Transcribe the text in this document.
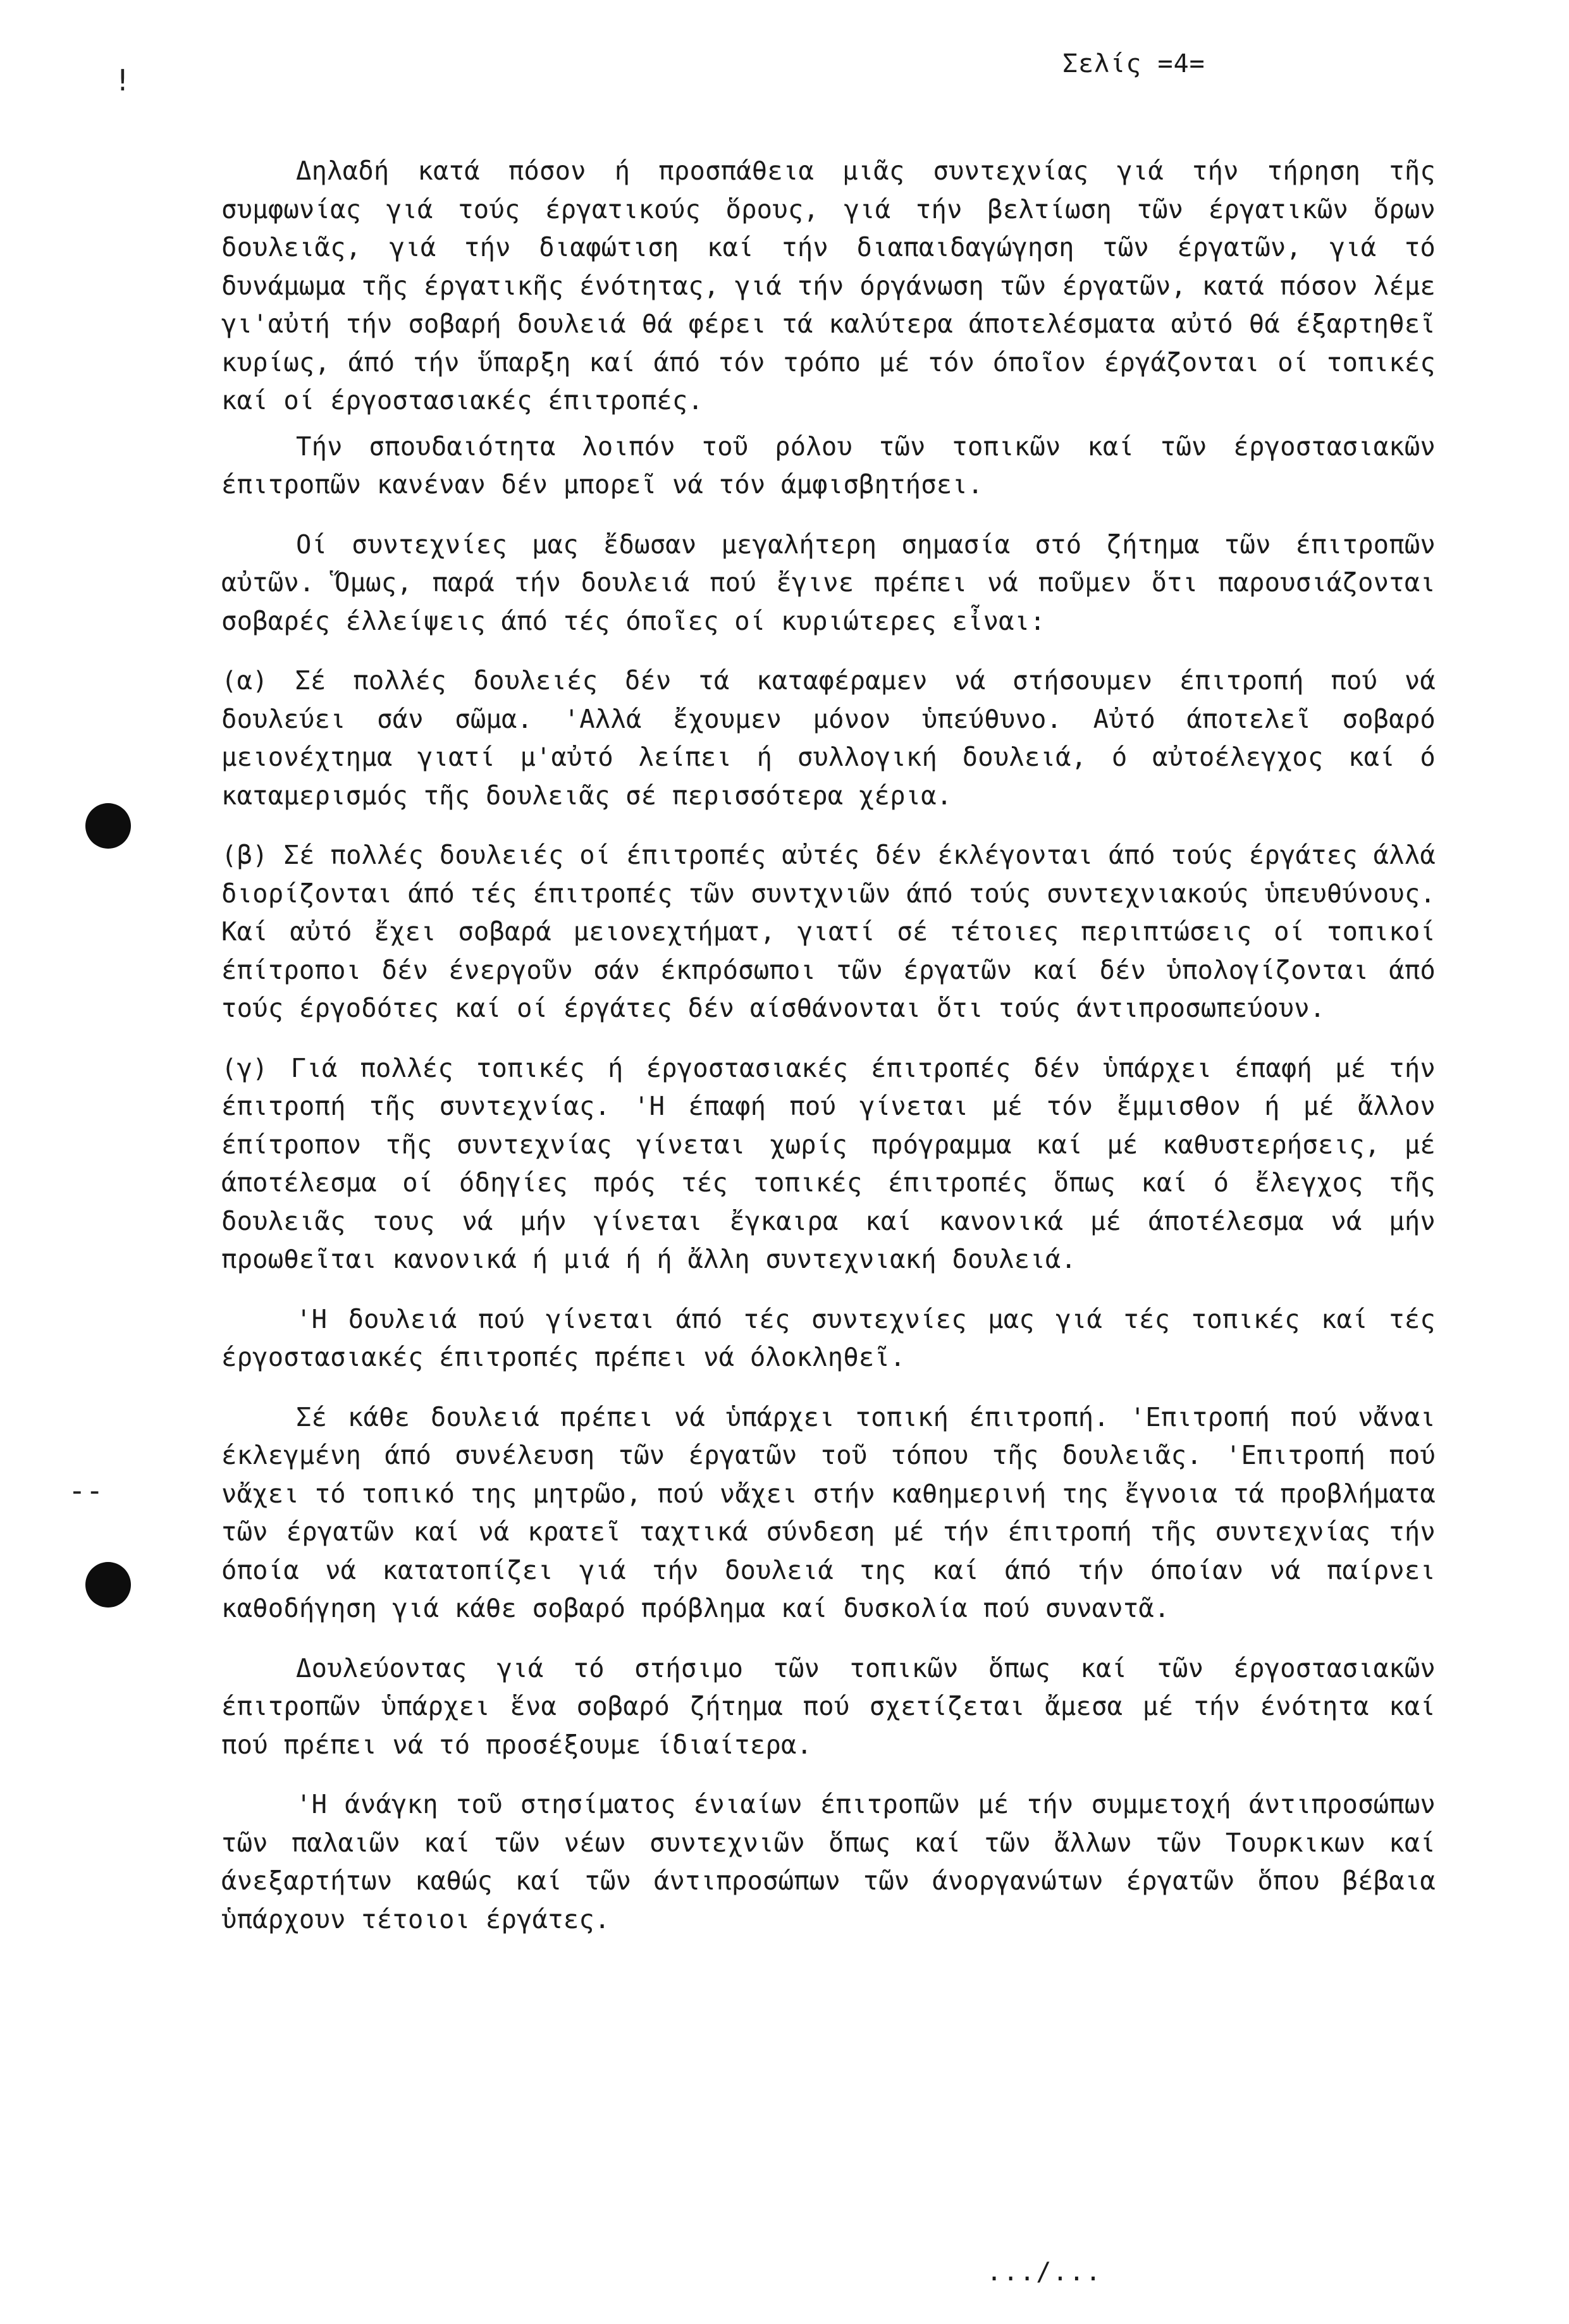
Σελίς =4=
!
--

Δηλαδή κατά πόσον ή προσπάθεια μιᾶς συντεχνίας γιά τήν τήρηση τῆς συμφωνίας γιά τούς έργατικούς ὅρους, γιά τήν βελτίωση τῶν έργατικῶν ὅρων δουλειᾶς, γιά τήν διαφώτιση καί τήν διαπαιδαγώγηση τῶν έργατῶν, γιά τό δυνάμωμα τῆς έργατικῆς ένότητας, γιά τήν όργάνωση τῶν έργατῶν, κατά πόσον λέμε γι'αὐτή τήν σοβαρή δουλειά θά φέρει τά καλύτερα άποτελέσματα αὐτό θά έξαρτηθεῖ κυρίως, άπό τήν ὕπαρξη καί άπό τόν τρόπο μέ τόν όποῖον έργάζονται οί τοπικές καί οί έργοστασιακές έπιτροπές.

Τήν σπουδαιότητα λοιπόν τοῦ ρόλου τῶν τοπικῶν καί τῶν έργοστασιακῶν έπιτροπῶν κανέναν δέν μπορεῖ νά τόν άμφισβητήσει.

Οί συντεχνίες μας ἔδωσαν μεγαλήτερη σημασία στό ζήτημα τῶν έπιτροπῶν αὐτῶν. Ὅμως, παρά τήν δουλειά πού ἔγινε πρέπει νά ποῦμεν ὅτι παρουσιάζονται σοβαρές έλλείψεις άπό τές όποῖες οί κυριώτερες εἶναι:

(α) Σέ πολλές δουλειές δέν τά καταφέραμεν νά στήσουμεν έπιτροπή πού νά δουλεύει σάν σῶμα. 'Αλλά ἔχουμεν μόνον ὑπεύθυνο. Αὐτό άποτελεῖ σοβαρό μειονέχτημα γιατί μ'αὐτό λείπει ή συλλογική δουλειά, ό αὐτοέλεγχος καί ό καταμερισμός τῆς δουλειᾶς σέ περισσότερα χέρια.

(β) Σέ πολλές δουλειές οί έπιτροπές αὐτές δέν έκλέγονται άπό τούς έργάτες άλλά διορίζονται άπό τές έπιτροπές τῶν συντχνιῶν άπό τούς συντεχνιακούς ὑπευθύνους. Καί αὐτό ἔχει σοβαρά μειονεχτήματ, γιατί σέ τέτοιες περιπτώσεις οί τοπικοί έπίτροποι δέν ένεργοῦν σάν έκπρόσωποι τῶν έργατῶν καί δέν ὑπολογίζονται άπό τούς έργοδότες καί οί έργάτες δέν αίσθάνονται ὅτι τούς άντιπροσωπεύουν.

(γ) Γιά πολλές τοπικές ή έργοστασιακές έπιτροπές δέν ὑπάρχει έπαφή μέ τήν έπιτροπή τῆς συντεχνίας. 'Η έπαφή πού γίνεται μέ τόν ἔμμισθον ή μέ ἄλλον έπίτροπον τῆς συντεχνίας γίνεται χωρίς πρόγραμμα καί μέ καθυστερήσεις, μέ άποτέλεσμα οί όδηγίες πρός τές τοπικές έπιτροπές ὅπως καί ό ἔλεγχος τῆς δουλειᾶς τους νά μήν γίνεται ἔγκαιρα καί κανονικά μέ άποτέλεσμα νά μήν προωθεῖται κανονικά ή μιά ή ή ἄλλη συντεχνιακή δουλειά.

'Η δουλειά πού γίνεται άπό τές συντεχνίες μας γιά τές τοπικές καί τές έργοστασιακές έπιτροπές πρέπει νά όλοκληθεῖ.

Σέ κάθε δουλειά πρέπει νά ὑπάρχει τοπική έπιτροπή. 'Επιτροπή πού νἄναι έκλεγμένη άπό συνέλευση τῶν έργατῶν τοῦ τόπου τῆς δουλειᾶς. 'Επιτροπή πού νἄχει τό τοπικό της μητρῶο, πού νἄχει στήν καθημερινή της ἔγνοια τά προβλήματα τῶν έργατῶν καί νά κρατεῖ ταχτικά σύνδεση μέ τήν έπιτροπή τῆς συντεχνίας τήν όποία νά κατατοπίζει γιά τήν δουλειά της καί άπό τήν όποίαν νά παίρνει καθοδήγηση γιά κάθε σοβαρό πρόβλημα καί δυσκολία πού συναντᾶ.

Δουλεύοντας γιά τό στήσιμο τῶν τοπικῶν ὅπως καί τῶν έργοστασιακῶν έπιτροπῶν ὑπάρχει ἕνα σοβαρό ζήτημα πού σχετίζεται ἄμεσα μέ τήν ένότητα καί πού πρέπει νά τό προσέξουμε ίδιαίτερα.

'Η άνάγκη τοῦ στησίματος ένιαίων έπιτροπῶν μέ τήν συμμετοχή άντιπροσώπων τῶν παλαιῶν καί τῶν νέων συντεχνιῶν ὅπως καί τῶν ἄλλων τῶν Τουρκικων καί άνεξαρτήτων καθώς καί τῶν άντιπροσώπων τῶν άνοργανώτων έργατῶν ὅπου βέβαια ὑπάρχουν τέτοιοι έργάτες.

.../...
